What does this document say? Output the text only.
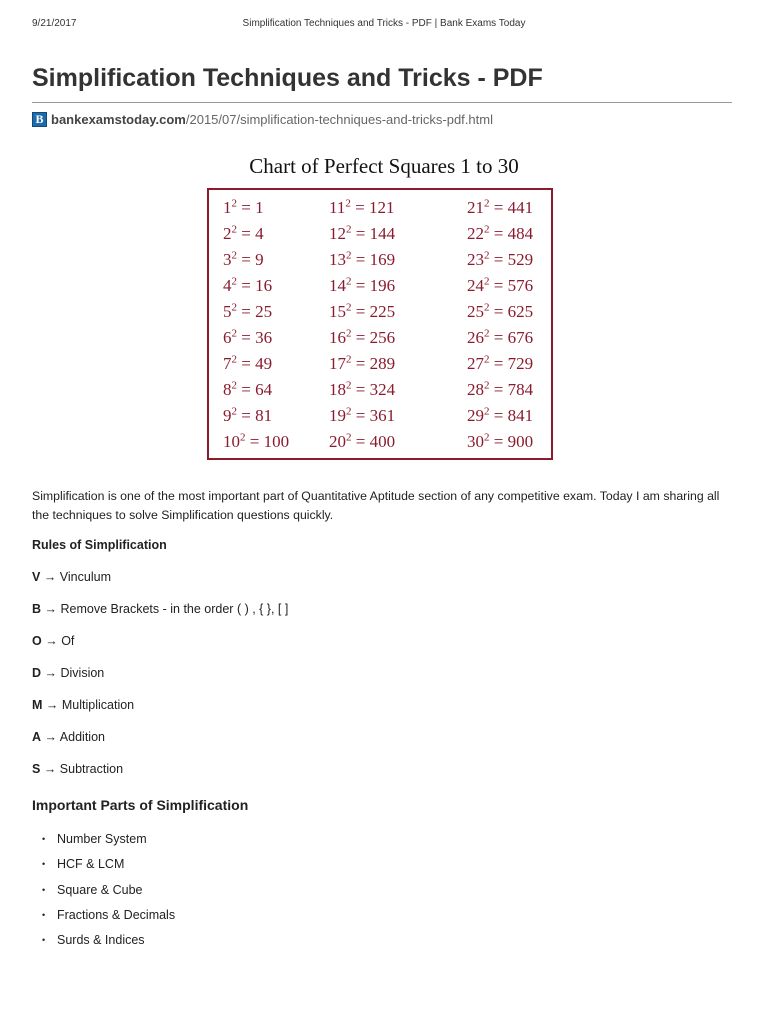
9/21/2017	Simplification Techniques and Tricks - PDF | Bank Exams Today
Simplification Techniques and Tricks - PDF
B bankexamstoday.com /2015/07/simplification-techniques-and-tricks-pdf.html
Chart of Perfect Squares 1 to 30
$1^2 = 1$
$2^2 = 4$
$3^2 = 9$
$4^2 = 16$
$5^2 = 25$
$6^2 = 36$
$7^2 = 49$
$8^2 = 64$
$9^2 = 81$
$10^2 = 100$
$11^2 = 121$
$12^2 = 144$
$13^2 = 169$
$14^2 = 196$
$15^2 = 225$
$16^2 = 256$
$17^2 = 289$
$18^2 = 324$
$19^2 = 361$
$20^2 = 400$
$21^2 = 441$
$22^2 = 484$
$23^2 = 529$
$24^2 = 576$
$25^2 = 625$
$26^2 = 676$
$27^2 = 729$
$28^2 = 784$
$29^2 = 841$
$30^2 = 900$

Simplification is one of the most important part of Quantitative Aptitude section of any competitive exam. Today I am sharing all the techniques to solve Simplification questions quickly.

Rules of Simplification
V → Vinculum
B → Remove Brackets - in the order ( ) , { }, [ ]
O → Of
D → Division
M → Multiplication
A → Addition
S → Subtraction
Important Parts of Simplification
• Number System
• HCF & LCM
• Square & Cube
• Fractions & Decimals
• Surds & Indices
